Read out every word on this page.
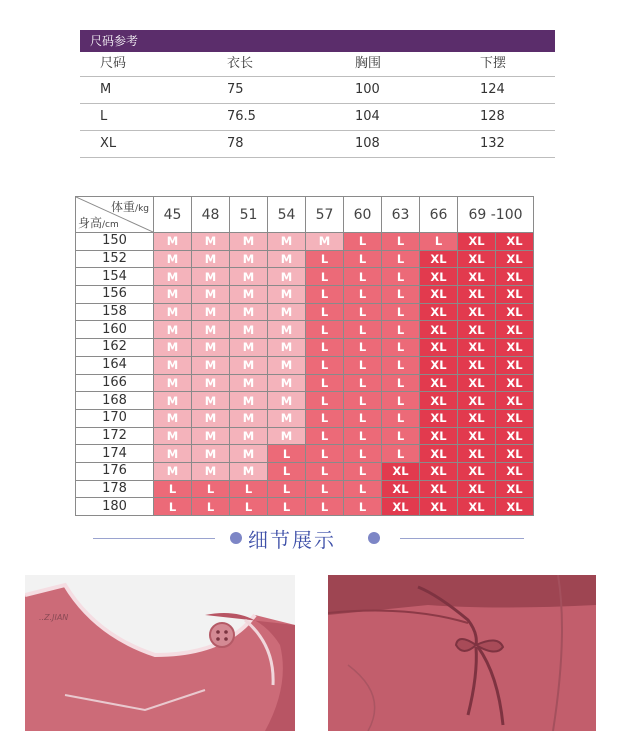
尺码参考
尺码	衣长	胸围	下摆
M	75	100	124
L	76.5	104	128
XL	78	108	132
体重/kg
身高/cm	45	48	51	54	57	60	63	66	69 -100	
150	M	M	M	M	M	L	L	L	XL	XL
152	M	M	M	M	L	L	L	XL	XL	XL
154	M	M	M	M	L	L	L	XL	XL	XL
156	M	M	M	M	L	L	L	XL	XL	XL
158	M	M	M	M	L	L	L	XL	XL	XL
160	M	M	M	M	L	L	L	XL	XL	XL
162	M	M	M	M	L	L	L	XL	XL	XL
164	M	M	M	M	L	L	L	XL	XL	XL
166	M	M	M	M	L	L	L	XL	XL	XL
168	M	M	M	M	L	L	L	XL	XL	XL
170	M	M	M	M	L	L	L	XL	XL	XL
172	M	M	M	M	L	L	L	XL	XL	XL
174	M	M	M	L	L	L	L	XL	XL	XL
176	M	M	M	L	L	L	XL	XL	XL	XL
178	L	L	L	L	L	L	XL	XL	XL	XL
180	L	L	L	L	L	L	XL	XL	XL	XL
细节展示
..Z.JIAN
